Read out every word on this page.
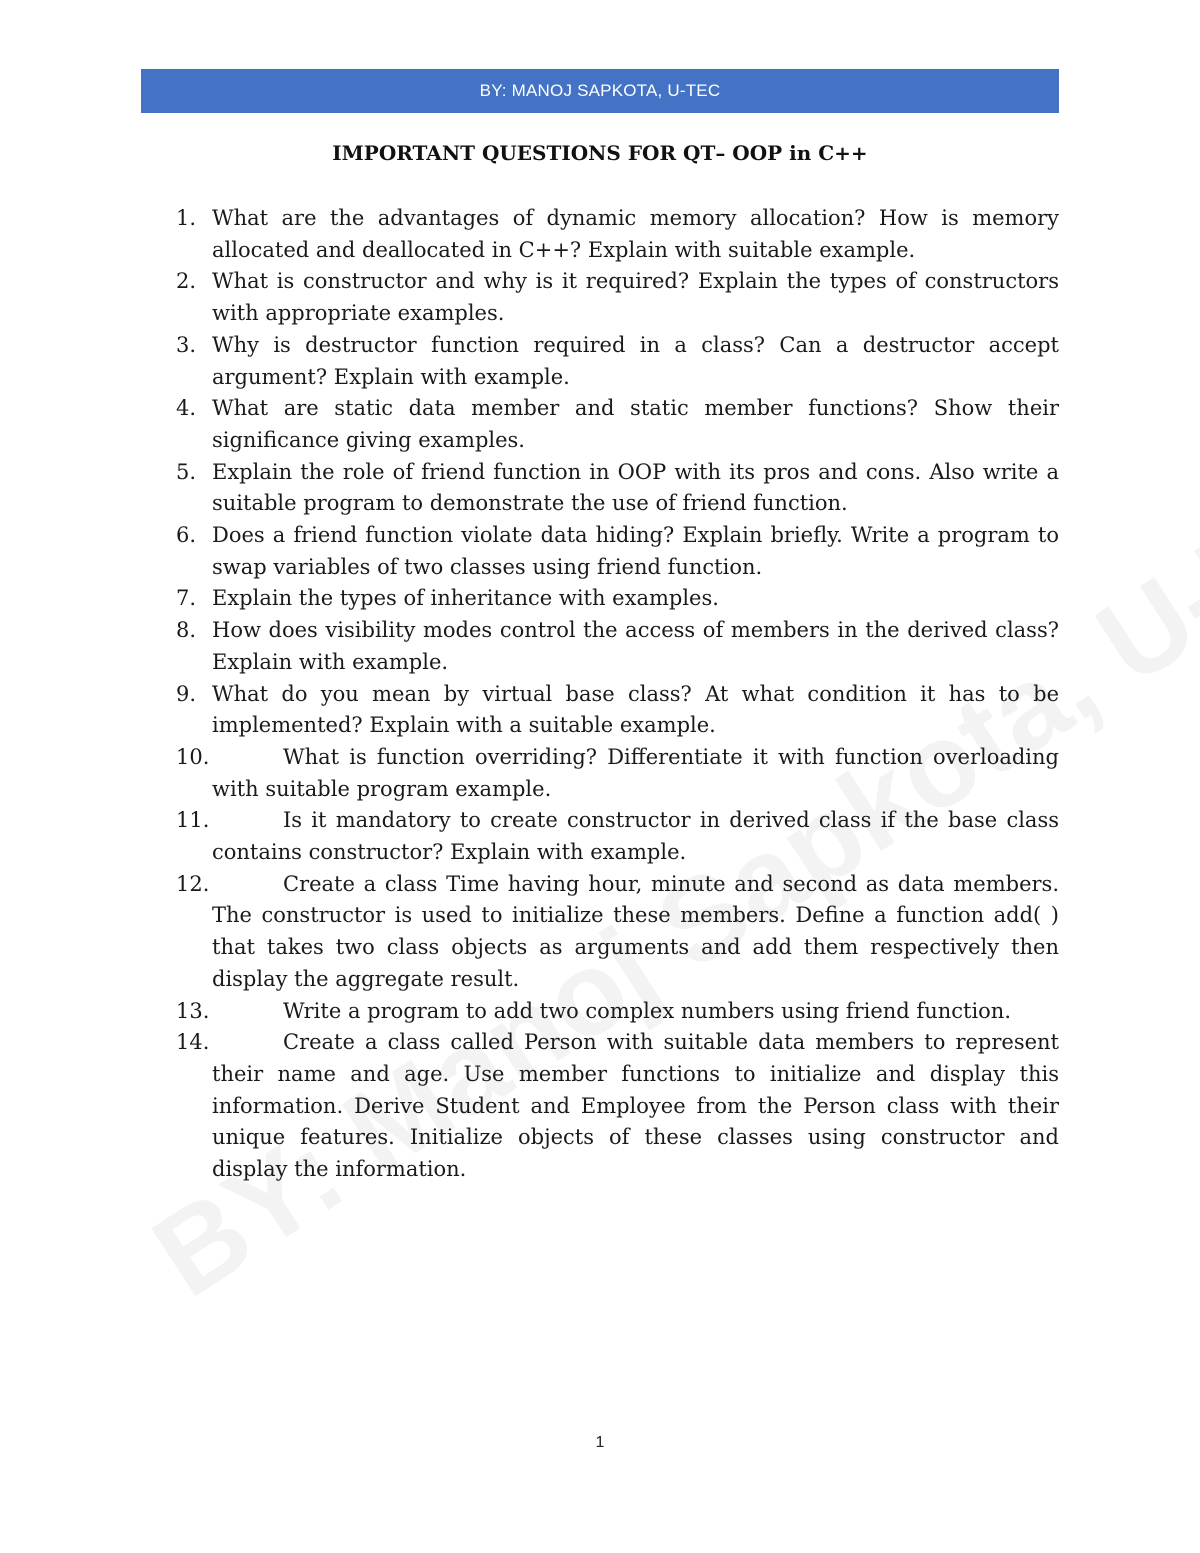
BY: MANOJ SAPKOTA, U-TEC
IMPORTANT QUESTIONS FOR QT– OOP in C++
1. What are the advantages of dynamic memory allocation? How is memory allocated and deallocated in C++? Explain with suitable example.
2. What is constructor and why is it required? Explain the types of constructors with appropriate examples.
3. Why is destructor function required in a class? Can a destructor accept argument? Explain with example.
4. What are static data member and static member functions? Show their significance giving examples.
5. Explain the role of friend function in OOP with its pros and cons. Also write a suitable program to demonstrate the use of friend function.
6. Does a friend function violate data hiding? Explain briefly. Write a program to swap variables of two classes using friend function.
7. Explain the types of inheritance with examples.
8. How does visibility modes control the access of members in the derived class? Explain with example.
9. What do you mean by virtual base class? At what condition it has to be implemented? Explain with a suitable example.
10.	What is function overriding? Differentiate it with function overloading with suitable program example.
11.	Is it mandatory to create constructor in derived class if the base class contains constructor? Explain with example.
12.	Create a class Time having hour, minute and second as data members. The constructor is used to initialize these members. Define a function add( ) that takes two class objects as arguments and add them respectively then display the aggregate result.
13.	Write a program to add two complex numbers using friend function.
14.	Create a class called Person with suitable data members to represent their name and age. Use member functions to initialize and display this information. Derive Student and Employee from the Person class with their unique features. Initialize objects of these classes using constructor and display the information.
1
